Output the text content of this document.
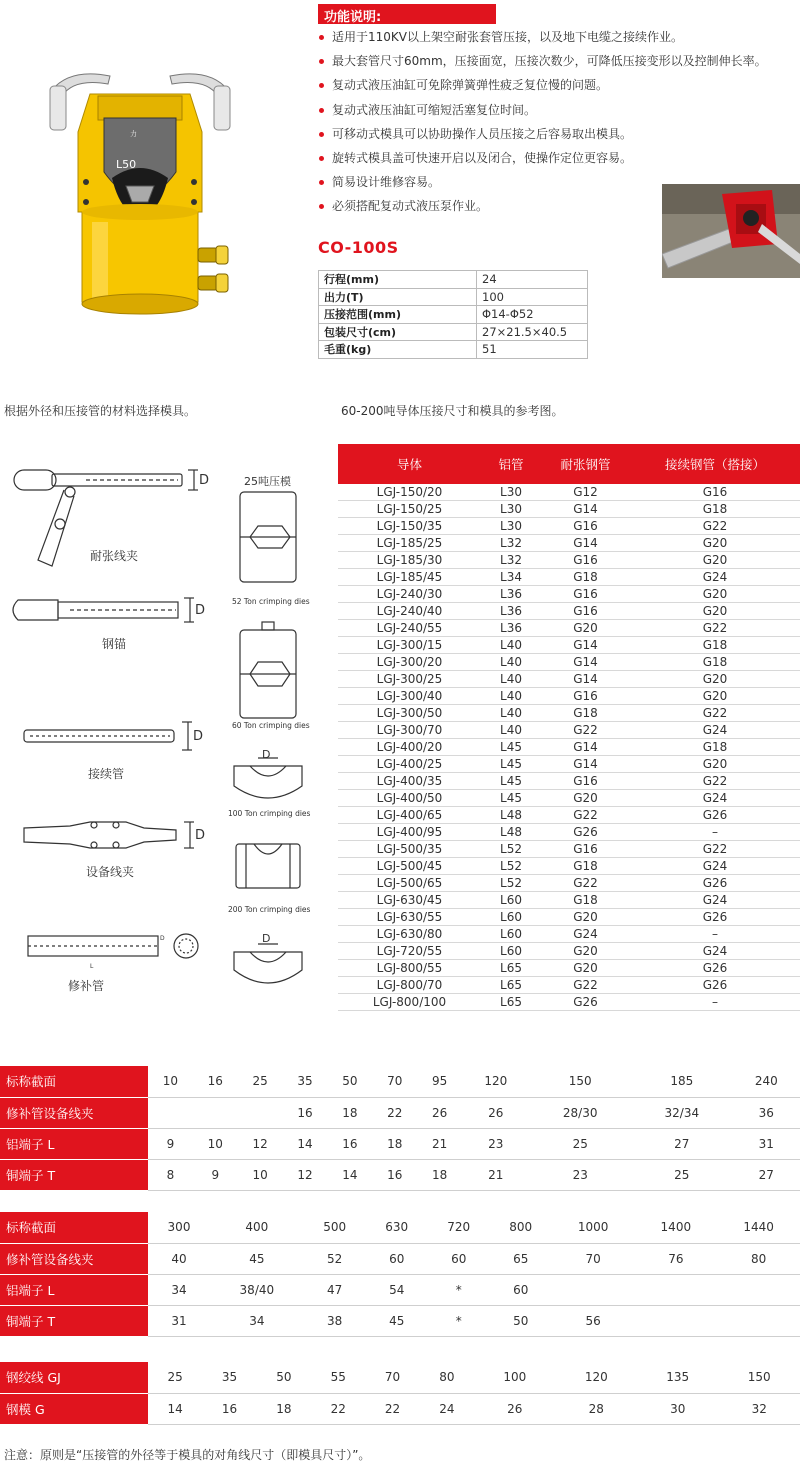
力
L50
功能说明:
适用于110KV以上架空耐张套管压接，以及地下电缆之接续作业。
最大套管尺寸60mm，压接面宽，压接次数少，可降低压接变形以及控制伸长率。
复动式液压油缸可免除弹簧弹性疲乏复位慢的问题。
复动式液压油缸可缩短活塞复位时间。
可移动式模具可以协助操作人员压接之后容易取出模具。
旋转式模具盖可快速开启以及闭合，使操作定位更容易。
简易设计维修容易。
必须搭配复动式液压泵作业。
CO-100S
行程(mm)	24
出力(T)	100
压接范围(mm)	Φ14-Φ52
包装尺寸(cm)	27×21.5×40.5
毛重(kg)	51
根据外径和压接管的材料选择模具。	60-200吨导体压接尺寸和模具的参考图。
耐张线夹
钢锚
接续管
设备线夹
修补管
D
D
D
D
D
D
D
L
25吨压模
52 Ton crimping dies
60 Ton crimping dies
100 Ton crimping dies
200 Ton crimping dies
导体	铝管	耐张钢管	接续钢管（搭接）
LGJ-150/20	L30	G12	G16
LGJ-150/25	L30	G14	G18
LGJ-150/35	L30	G16	G22
LGJ-185/25	L32	G14	G20
LGJ-185/30	L32	G16	G20
LGJ-185/45	L34	G18	G24
LGJ-240/30	L36	G16	G20
LGJ-240/40	L36	G16	G20
LGJ-240/55	L36	G20	G22
LGJ-300/15	L40	G14	G18
LGJ-300/20	L40	G14	G18
LGJ-300/25	L40	G14	G20
LGJ-300/40	L40	G16	G20
LGJ-300/50	L40	G18	G22
LGJ-300/70	L40	G22	G24
LGJ-400/20	L45	G14	G18
LGJ-400/25	L45	G14	G20
LGJ-400/35	L45	G16	G22
LGJ-400/50	L45	G20	G24
LGJ-400/65	L48	G22	G26
LGJ-400/95	L48	G26	–
LGJ-500/35	L52	G16	G22
LGJ-500/45	L52	G18	G24
LGJ-500/65	L52	G22	G26
LGJ-630/45	L60	G18	G24
LGJ-630/55	L60	G20	G26
LGJ-630/80	L60	G24	–
LGJ-720/55	L60	G20	G24
LGJ-800/55	L65	G20	G26
LGJ-800/70	L65	G22	G26
LGJ-800/100	L65	G26	–
标称截面	10	16	25	35	50	70	95	120	150	185	240
修补管设备线夹				16	18	22	26	26	28/30	32/34	36
铝端子 L	9	10	12	14	16	18	21	23	25	27	31
铜端子 T	8	9	10	12	14	16	18	21	23	25	27
标称截面	300	400	500	630	720	800	1000	1400	1440
修补管设备线夹	40	45	52	60	60	65	70	76	80
铝端子 L	34	38/40	47	54	*	60			
铜端子 T	31	34	38	45	*	50	56		
钢绞线 GJ	25	35	50	55	70	80	100	120	135	150
钢模 G	14	16	18	22	22	24	26	28	30	32
注意：原则是“压接管的外径等于模具的对角线尺寸（即模具尺寸）”。
